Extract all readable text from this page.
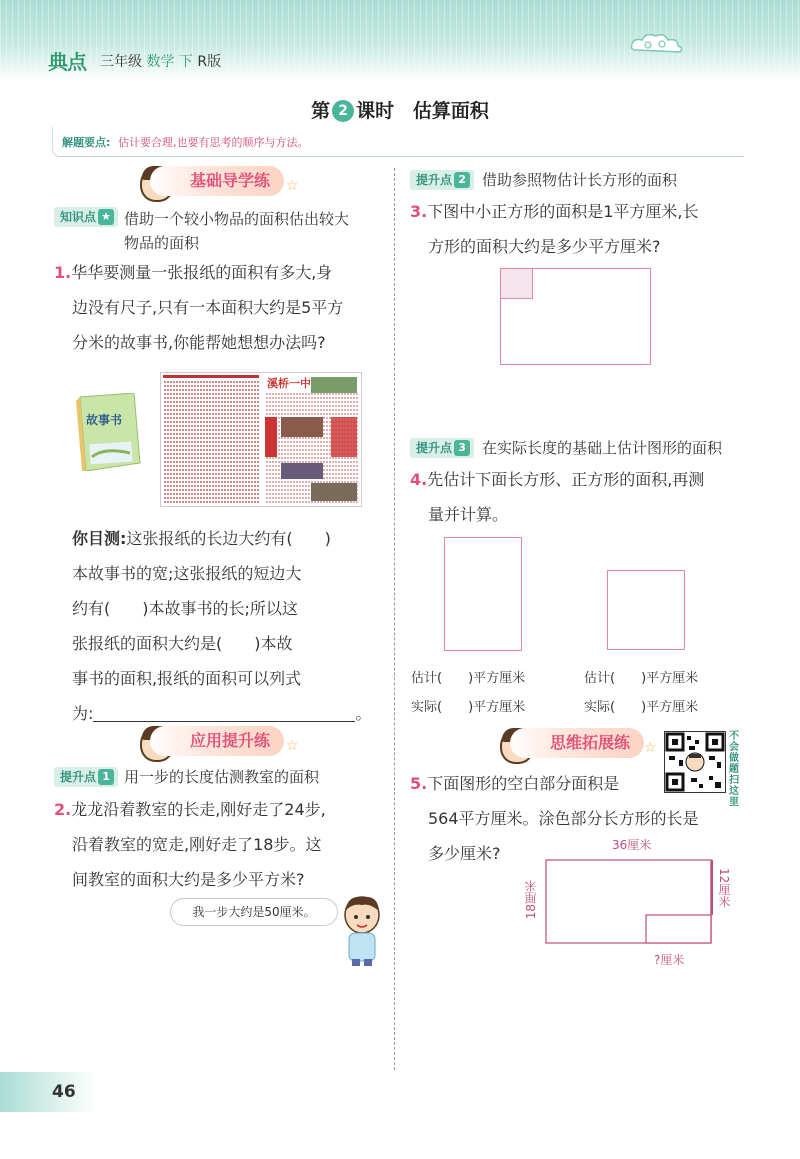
典点 三年级 数学 下 R版
第 2 课时 估算面积
解题要点: 估计要合理,也要有思考的顺序与方法。
基础导学练	☆
知识点 ★ 借助一个较小物品的面积估出较大
物品的面积
1.华华要测量一张报纸的面积有多大,身
边没有尺子,只有一本面积大约是5平方
分米的故事书,你能帮她想想办法吗?
故事书
溪桥一中
你目测:这张报纸的长边大约有(　　)
本故事书的宽;这张报纸的短边大
约有(　　)本故事书的长;所以这
张报纸的面积大约是(　　)本故
事书的面积,报纸的面积可以列式
为:	。
应用提升练	☆
提升点 1 用一步的长度估测教室的面积
2.龙龙沿着教室的长走,刚好走了24步,
沿着教室的宽走,刚好走了18步。这
间教室的面积大约是多少平方米?
我一步大约是50厘米。
提升点 2	借助参照物估计长方形的面积
3.下图中小正方形的面积是1平方厘米,长
方形的面积大约是多少平方厘米?
提升点 3	在实际长度的基础上估计图形的面积
4.先估计下面长方形、正方形的面积,再测
量并计算。
估计(　　)平方厘米	估计(　　)平方厘米
实际(　　)平方厘米	实际(　　)平方厘米
思维拓展练 ☆
不会做题扫这里
5.下面图形的空白部分面积是
564平方厘米。涂色部分长方形的长是
多少厘米?	36厘米
18厘米	12厘米
?厘米
46
